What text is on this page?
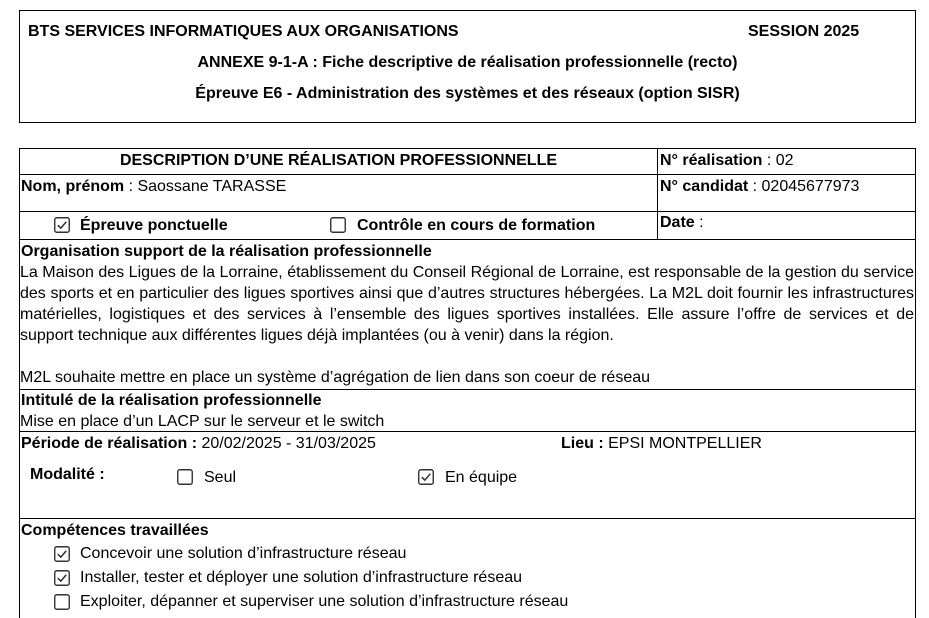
BTS SERVICES INFORMATIQUES AUX ORGANISATIONS	SESSION 2025
ANNEXE 9-1-A : Fiche descriptive de réalisation professionnelle (recto)
Épreuve E6 - Administration des systèmes et des réseaux (option SISR)
DESCRIPTION D’UNE RÉALISATION PROFESSIONNELLE	N° réalisation : 02
Nom, prénom : Saossane TARASSE	N° candidat : 02045677973
Épreuve ponctuelle	Contrôle en cours de formation	Date :
Organisation support de la réalisation professionnelle
La Maison des Ligues de la Lorraine, établissement du Conseil Régional de Lorraine, est responsable de la gestion du service des sports et en particulier des ligues sportives ainsi que d’autres structures hébergées. La M2L doit fournir les infrastructures matérielles, logistiques et des services à l’ensemble des ligues sportives installées. Elle assure l’offre de services et de support technique aux différentes ligues déjà implantées (ou à venir) dans la région.
M2L souhaite mettre en place un système d’agrégation de lien dans son coeur de réseau
Intitulé de la réalisation professionnelle
Mise en place d’un LACP sur le serveur et le switch
Période de réalisation : 20/02/2025 - 31/03/2025	Lieu : EPSI MONTPELLIER
Modalité :	Seul	En équipe
Compétences travaillées
Concevoir une solution d’infrastructure réseau
Installer, tester et déployer une solution d’infrastructure réseau
Exploiter, dépanner et superviser une solution d’infrastructure réseau
